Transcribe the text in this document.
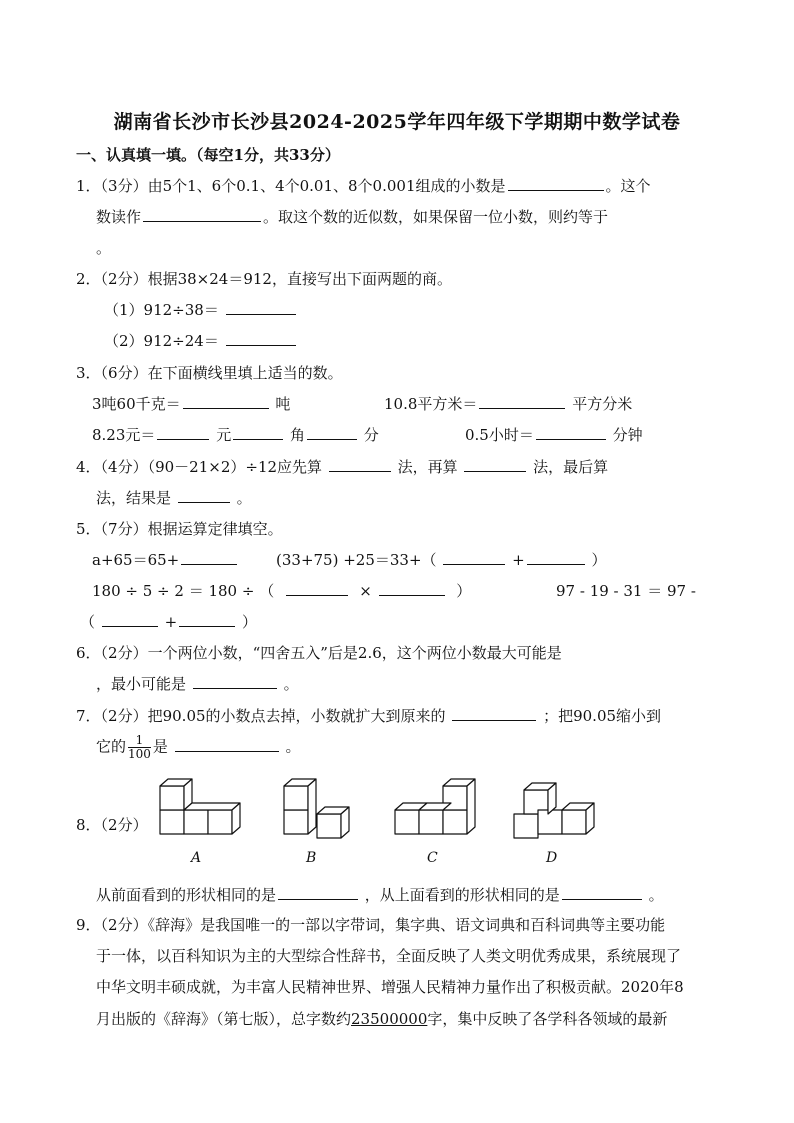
湖南省长沙市长沙县2024-2025学年四年级下学期期中数学试卷
一、认真填一填。（每空1分，共33分）
1．（3分）由5个1、6个0.1、4个0.01、8个0.001组成的小数是	。这个
数读作	。取这个数的近似数，如果保留一位小数，则约等于
。
2．（2分）根据38×24＝912，直接写出下面两题的商。
（1）912÷38＝
（2）912÷24＝
3．（6分）在下面横线里填上适当的数。
3吨60千克＝	吨	10.8平方米＝	平方分米
8.23元＝	元	角	分	0.5小时＝	分钟
4．（4分）（90－21×2）÷12应先算	法，再算	法，最后算
法，结果是	。
5．（7分）根据运算定律填空。
a+65＝65+	(33+75) +25＝33+（	+	）
180 ÷ 5 ÷ 2 ＝ 180 ÷ （	×	）	97 - 19 - 31 ＝ 97 -
（	+	）
6．（2分）一个两位小数，“四舍五入”后是2.6，这个两位小数最大可能是
，最小可能是	。
7．（2分）把90.05的小数点去掉，小数就扩大到原来的	；把90.05缩小到
它的 $\frac{1}{100}$ 是	。
8．（2分）
A	B	C	D
从前面看到的形状相同的是	，从上面看到的形状相同的是	。
9．（2分）《辞海》是我国唯一的一部以字带词，集字典、语文词典和百科词典等主要功能
于一体，以百科知识为主的大型综合性辞书，全面反映了人类文明优秀成果，系统展现了
中华文明丰硕成就，为丰富人民精神世界、增强人民精神力量作出了积极贡献。2020年8
月出版的《辞海》（第七版），总字数约23500000字，集中反映了各学科各领域的最新
